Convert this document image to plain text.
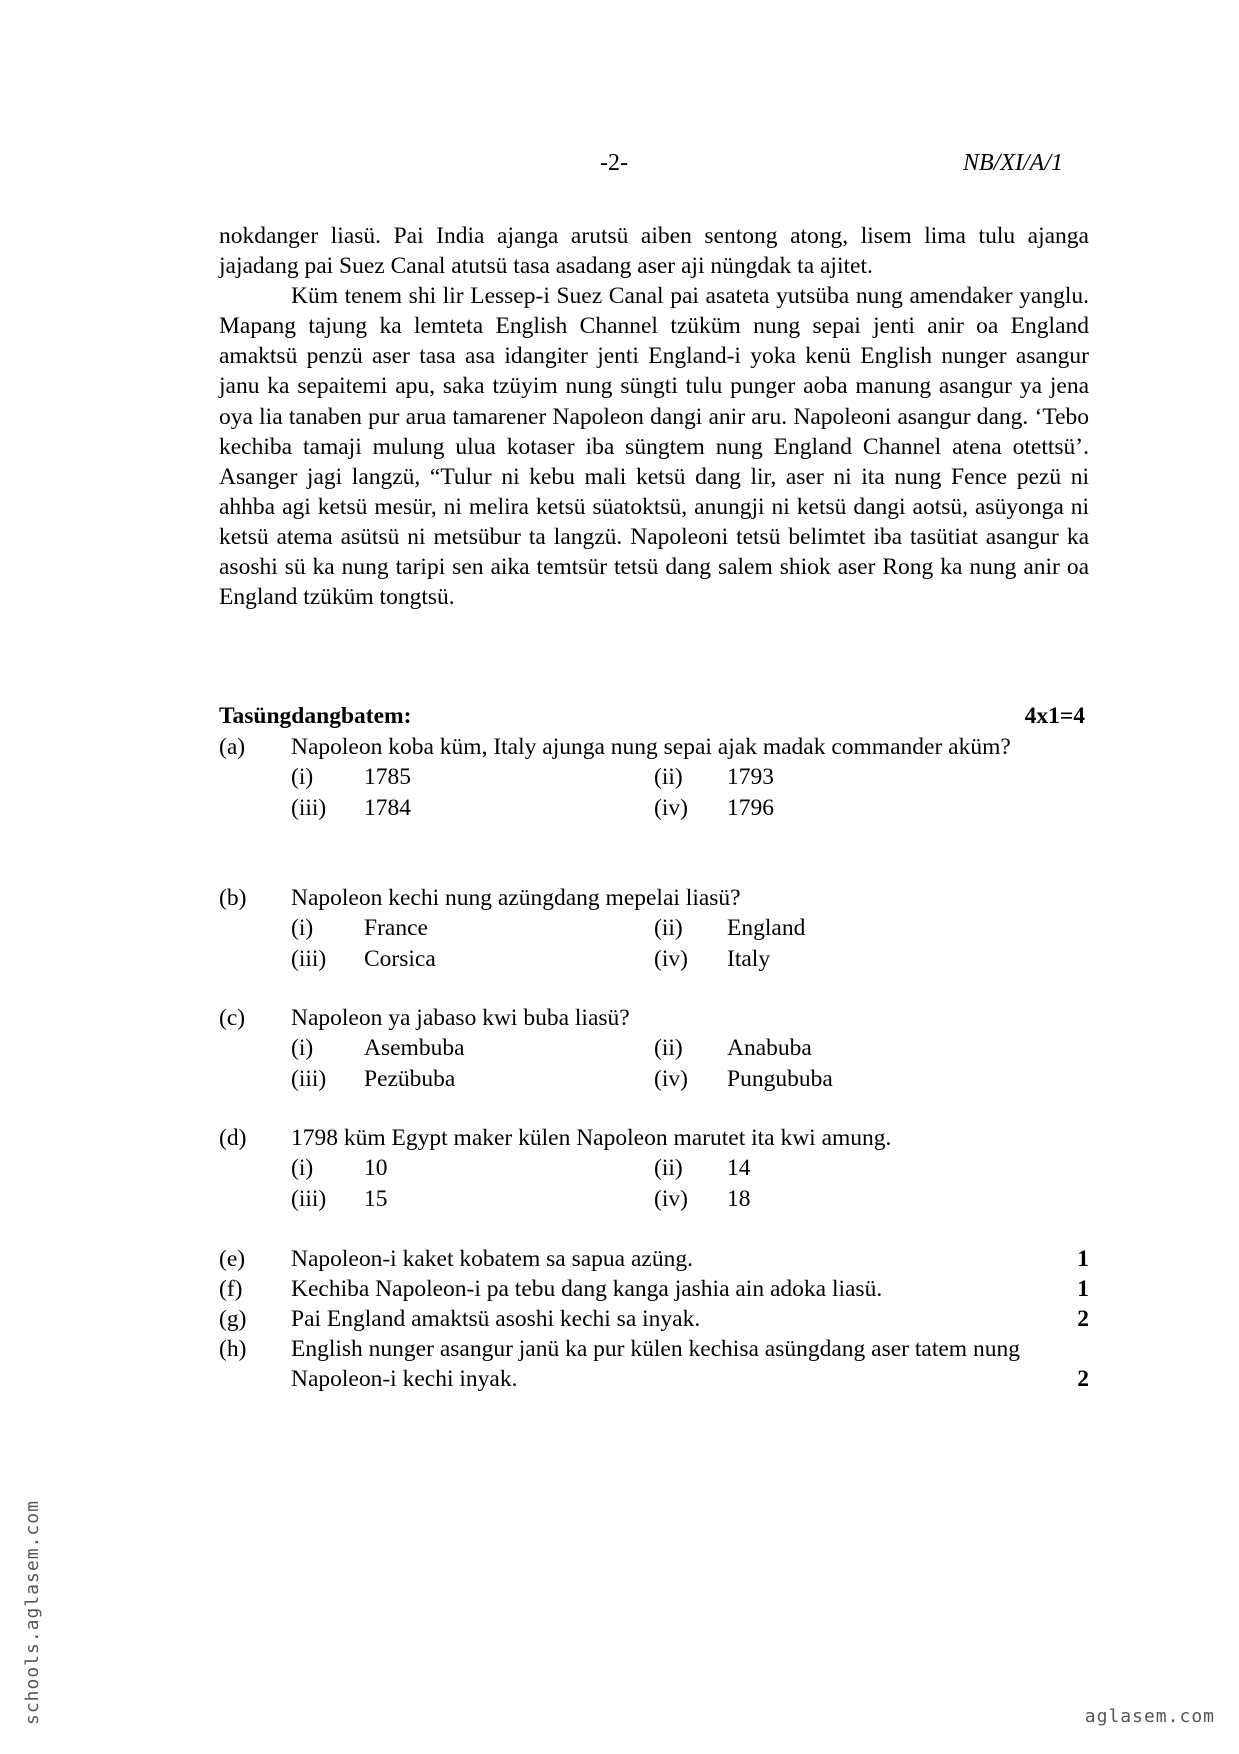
-2-	NB/XI/A/1

nokdanger liasü. Pai India ajanga arutsü aiben sentong atong, lisem lima tulu ajanga jajadang pai Suez Canal atutsü tasa asadang aser aji nüngdak ta ajitet.

Küm tenem shi lir Lessep-i Suez Canal pai asateta yutsüba nung amendaker yanglu. Mapang tajung ka lemteta English Channel tzüküm nung sepai jenti anir oa England amaktsü penzü aser tasa asa idangiter jenti England-i yoka kenü English nunger asangur janu ka sepaitemi apu, saka tzüyim nung süngti tulu punger aoba manung asangur ya jena oya lia tanaben pur arua tamarener Napoleon dangi anir aru. Napoleoni asangur dang. ‘Tebo kechiba tamaji mulung ulua kotaser iba süngtem nung England Channel atena otettsü’. Asanger jagi langzü, “Tulur ni kebu mali ketsü dang lir, aser ni ita nung Fence pezü ni ahhba agi ketsü mesür, ni melira ketsü süatoktsü, anungji ni ketsü dangi aotsü, asüyonga ni ketsü atema asütsü ni metsübur ta langzü. Napoleoni tetsü belimtet iba tasütiat asangur ka asoshi sü ka nung taripi sen aika temtsür tetsü dang salem shiok aser Rong ka nung anir oa England tzüküm tongtsü.

Tasüngdangbatem:	4x1=4
(a) Napoleon koba küm, Italy ajunga nung sepai ajak madak commander aküm?
(i) 1785	(ii) 1793
(iii) 1784	(iv) 1796
(b) Napoleon kechi nung azüngdang mepelai liasü?
(i) France	(ii) England
(iii) Corsica	(iv) Italy
(c) Napoleon ya jabaso kwi buba liasü?
(i) Asembuba	(ii) Anabuba
(iii) Pezübuba	(iv) Pungububa
(d) 1798 küm Egypt maker külen Napoleon marutet ita kwi amung.
(i) 10	(ii) 14
(iii) 15	(iv) 18
(e) Napoleon-i kaket kobatem sa sapua azüng.	1
(f) Kechiba Napoleon-i pa tebu dang kanga jashia ain adoka liasü.	1
(g) Pai England amaktsü asoshi kechi sa inyak.	2
(h) English nunger asangur janü ka pur külen kechisa asüngdang aser tatem nung Napoleon-i kechi inyak.	2
schools.aglasem.com	aglasem.com
